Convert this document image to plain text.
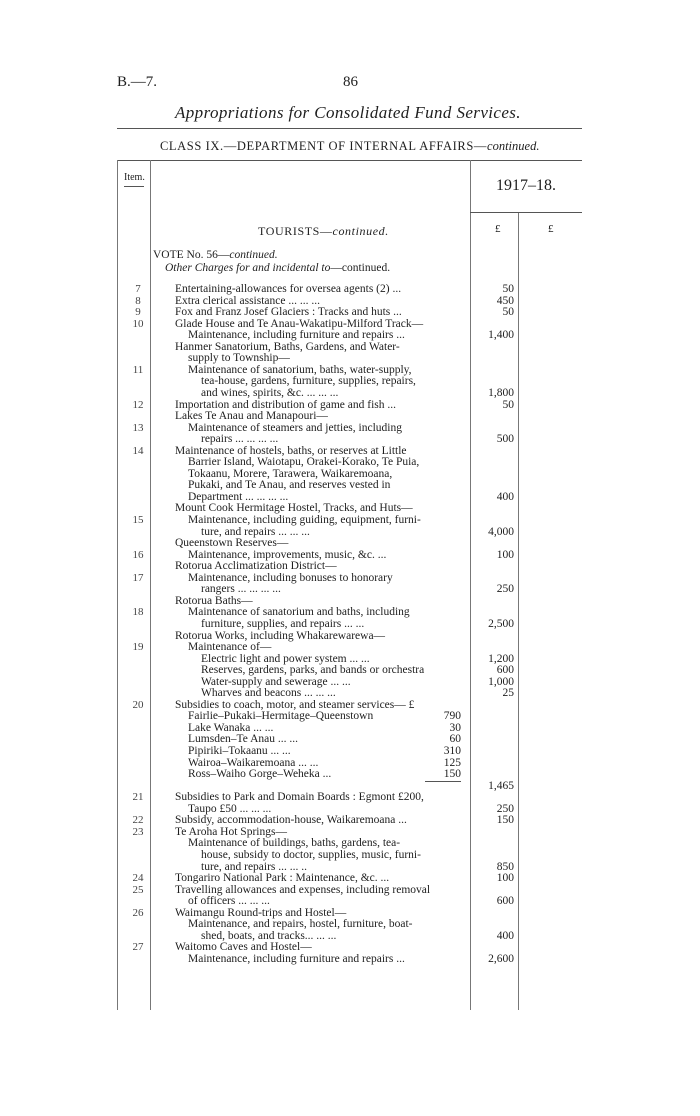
B.—7.	86
Appropriations for Consolidated Fund Services.
CLASS IX.—DEPARTMENT OF INTERNAL AFFAIRS—continued.
Item.	1917–18.
£	£
TOURISTS—continued.
VOTE No. 56—continued.
Other Charges for and incidental to—continued.
7	Entertaining-allowances for oversea agents (2) ...	50
8	Extra clerical assistance ... ... ...	450
9	Fox and Franz Josef Glaciers : Tracks and huts ...	50
10	Glade House and Te Anau-Wakatipu-Milford Track—
Maintenance, including furniture and repairs ...	1,400
Hanmer Sanatorium, Baths, Gardens, and Water-
supply to Township—
11	Maintenance of sanatorium, baths, water-supply,
tea-house, gardens, furniture, supplies, repairs,
and wines, spirits, &c. ... ... ...	1,800
12	Importation and distribution of game and fish ...	50
Lakes Te Anau and Manapouri—
13	Maintenance of steamers and jetties, including
repairs ... ... ... ...	500
14	Maintenance of hostels, baths, or reserves at Little
Barrier Island, Waiotapu, Orakei-Korako, Te Puia,
Tokaanu, Morere, Tarawera, Waikaremoana,
Pukaki, and Te Anau, and reserves vested in
Department ... ... ... ...	400
Mount Cook Hermitage Hostel, Tracks, and Huts—
15	Maintenance, including guiding, equipment, furni-
ture, and repairs ... ... ...	4,000
Queenstown Reserves—
16	Maintenance, improvements, music, &c. ...	100
Rotorua Acclimatization District—
17	Maintenance, including bonuses to honorary
rangers ... ... ... ...	250
Rotorua Baths—
18	Maintenance of sanatorium and baths, including
furniture, supplies, and repairs ... ...	2,500
Rotorua Works, including Whakarewarewa—
19	Maintenance of—
Electric light and power system ... ...	1,200
Reserves, gardens, parks, and bands or orchestra	600
Water-supply and sewerage ... ...	1,000
Wharves and beacons ... ... ...	25
20	Subsidies to coach, motor, and steamer services— £
Fairlie–Pukaki–Hermitage–Queenstown	790
Lake Wanaka ... ...	30
Lumsden–Te Anau ... ...	60
Pipiriki–Tokaanu ... ...	310
Wairoa–Waikaremoana ... ...	125
Ross–Waiho Gorge–Weheka ...	150
1,465
21	Subsidies to Park and Domain Boards : Egmont £200,
Taupo £50 ... ... ...	250
22	Subsidy, accommodation-house, Waikaremoana ...	150
23	Te Aroha Hot Springs—
Maintenance of buildings, baths, gardens, tea-
house, subsidy to doctor, supplies, music, furni-
ture, and repairs ... ... ..	850
24	Tongariro National Park : Maintenance, &c. ...	100
25	Travelling allowances and expenses, including removal
of officers ... ... ...	600
26	Waimangu Round-trips and Hostel—
Maintenance, and repairs, hostel, furniture, boat-
shed, boats, and tracks... ... ...	400
27	Waitomo Caves and Hostel—
Maintenance, including furniture and repairs ...	2,600
